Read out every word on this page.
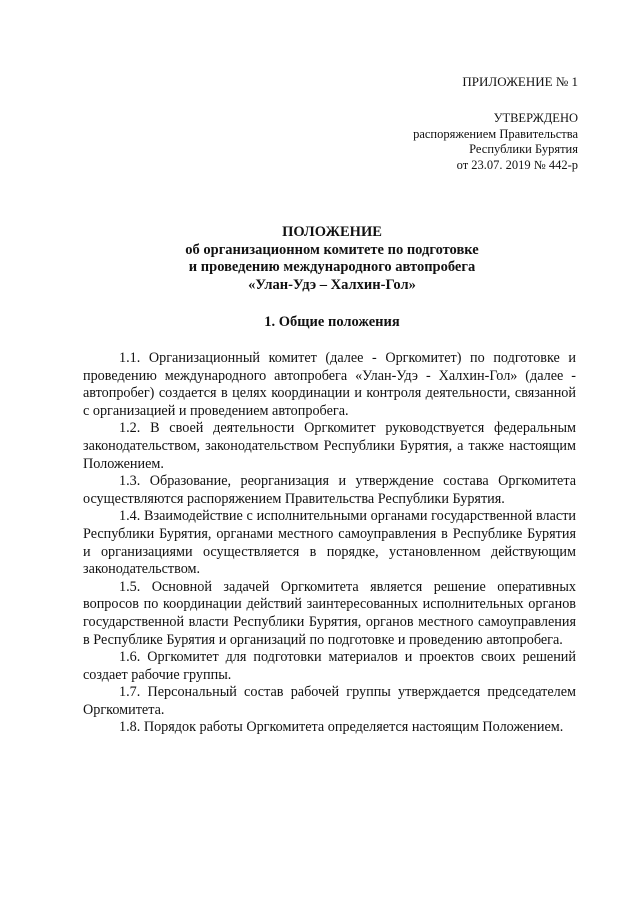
ПРИЛОЖЕНИЕ № 1
УТВЕРЖДЕНО
распоряжением Правительства
Республики Бурятия
от 23.07. 2019 № 442-р
ПОЛОЖЕНИЕ
об организационном комитете по подготовке
и проведению международного автопробега
«Улан-Удэ – Халхин-Гол»
1. Общие положения

1.1. Организационный комитет (далее - Оргкомитет) по подготовке и проведению международного автопробега «Улан-Удэ - Халхин-Гол» (далее - автопробег) создается в целях координации и контроля деятельности, связанной с организацией и проведением автопробега.

1.2. В своей деятельности Оргкомитет руководствуется федеральным законодательством, законодательством Республики Бурятия, а также настоящим Положением.

1.3. Образование, реорганизация и утверждение состава Оргкомитета осуществляются распоряжением Правительства Республики Бурятия.

1.4. Взаимодействие с исполнительными органами государственной власти Республики Бурятия, органами местного самоуправления в Республике Бурятия и организациями осуществляется в порядке, установленном действующим законодательством.

1.5. Основной задачей Оргкомитета является решение оперативных вопросов по координации действий заинтересованных исполнительных органов государственной власти Республики Бурятия, органов местного самоуправления в Республике Бурятия и организаций по подготовке и проведению автопробега.

1.6. Оргкомитет для подготовки материалов и проектов своих решений создает рабочие группы.

1.7. Персональный состав рабочей группы утверждается председателем Оргкомитета.

1.8. Порядок работы Оргкомитета определяется настоящим Положением.
